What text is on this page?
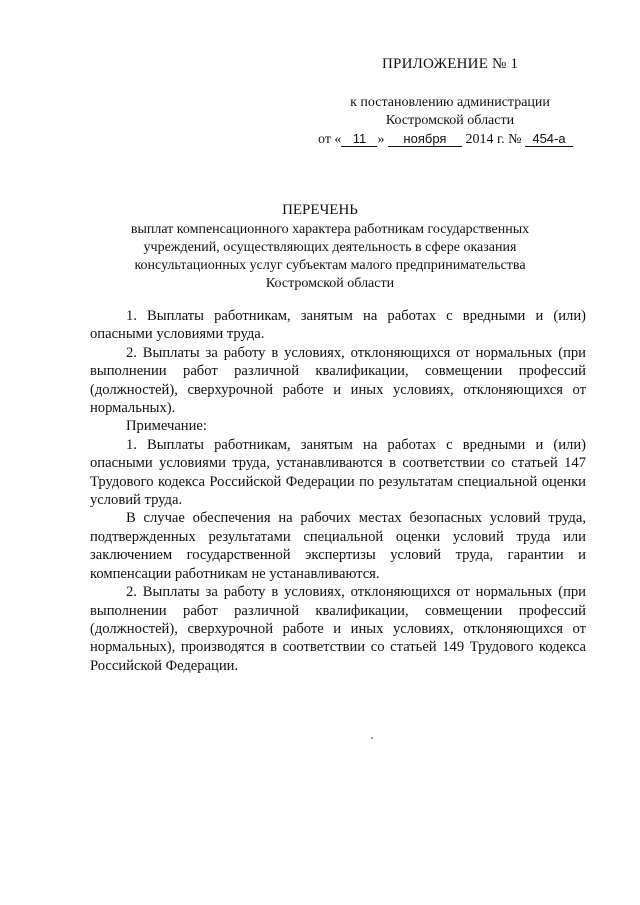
ПРИЛОЖЕНИЕ № 1
к постановлению администрации
Костромской области
от « 11 » ноября 2014 г. № 454-а
ПЕРЕЧЕНЬ
выплат компенсационного характера работникам государственных
учреждений, осуществляющих деятельность в сфере оказания
консультационных услуг субъектам малого предпринимательства
Костромской области

1. Выплаты работникам, занятым на работах с вредными и (или) опасными условиями труда.

2. Выплаты за работу в условиях, отклоняющихся от нормальных (при выполнении работ различной квалификации, совмещении профессий (должностей), сверхурочной работе и иных условиях, отклоняющихся от нормальных).

Примечание:

1. Выплаты работникам, занятым на работах с вредными и (или) опасными условиями труда, устанавливаются в соответствии со статьей 147 Трудового кодекса Российской Федерации по результатам специальной оценки условий труда.

В случае обеспечения на рабочих местах безопасных условий труда, подтвержденных результатами специальной оценки условий труда или заключением государственной экспертизы условий труда, гарантии и компенсации работникам не устанавливаются.

2. Выплаты за работу в условиях, отклоняющихся от нормальных (при выполнении работ различной квалификации, совмещении профессий (должностей), сверхурочной работе и иных условиях, отклоняющихся от нормальных), производятся в соответствии со статьей 149 Трудового кодекса Российской Федерации.
